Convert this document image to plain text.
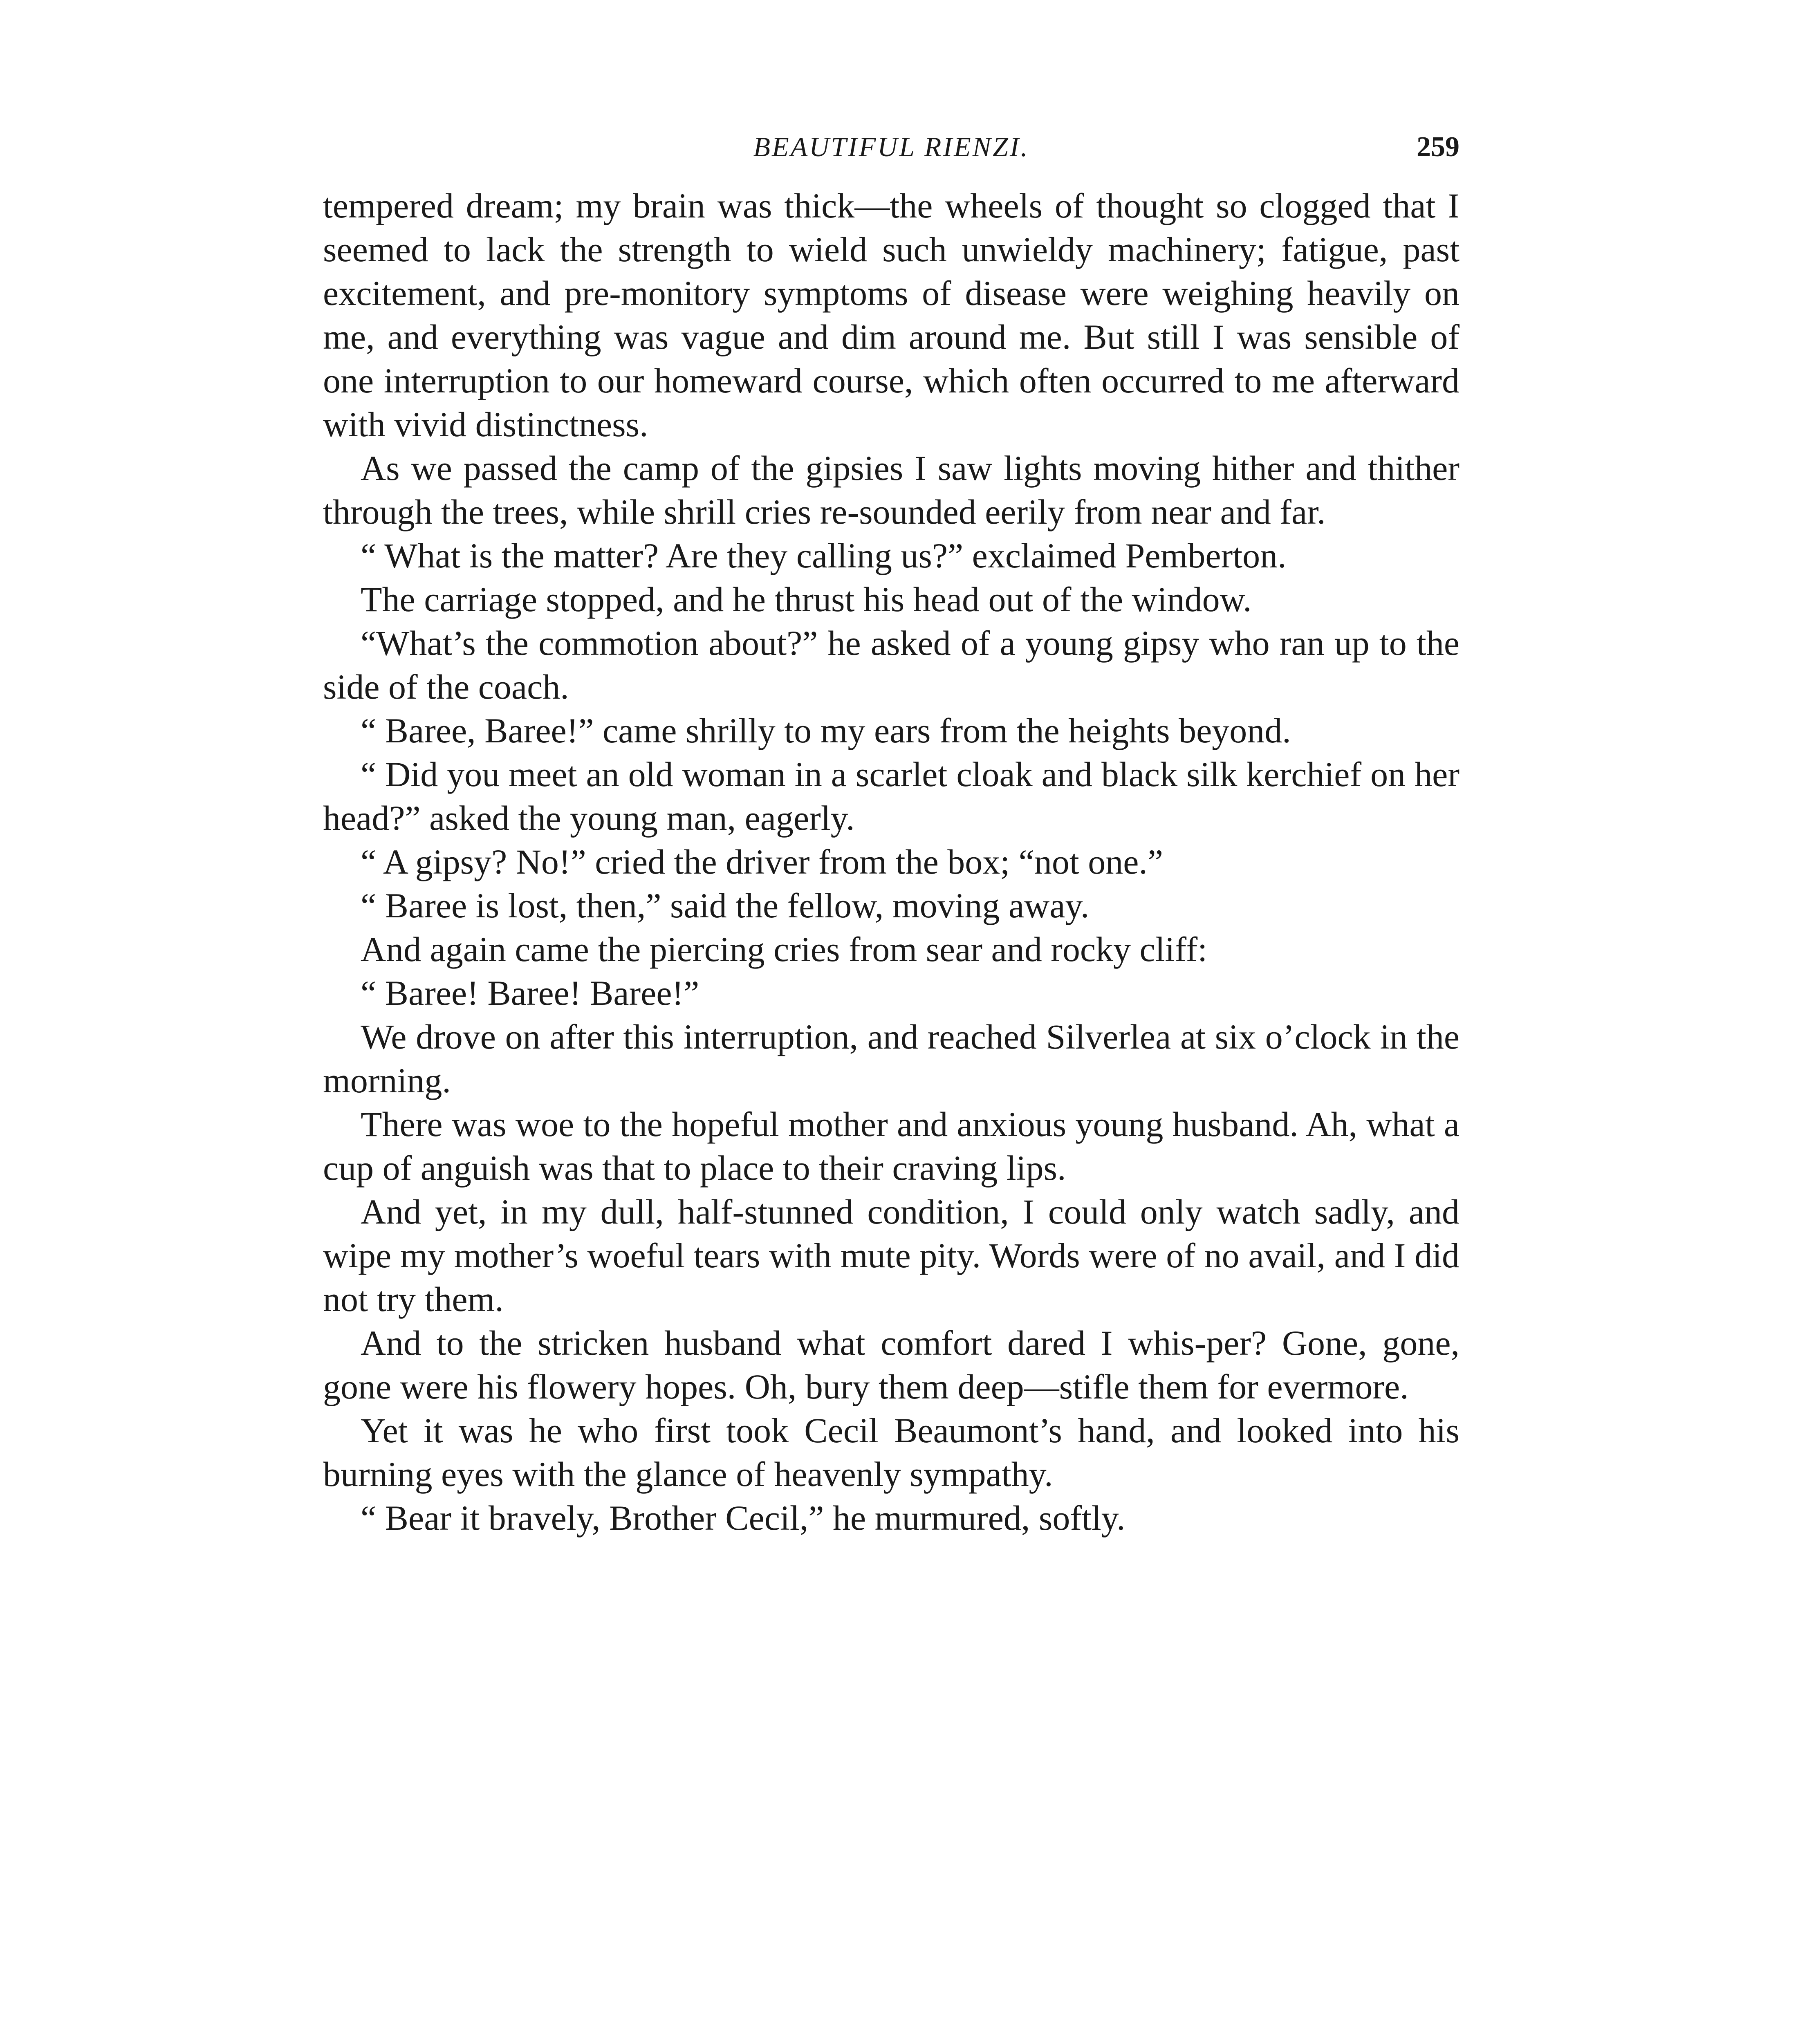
BEAUTIFUL RIENZI.	259

tempered dream; my brain was thick—the wheels of thought so clogged that I seemed to lack the strength to wield such unwieldy machinery; fatigue, past excitement, and pre-monitory symptoms of disease were weighing heavily on me, and everything was vague and dim around me. But still I was sensible of one interruption to our homeward course, which often occurred to me afterward with vivid distinctness.

As we passed the camp of the gipsies I saw lights moving hither and thither through the trees, while shrill cries re-sounded eerily from near and far.

“ What is the matter? Are they calling us?” exclaimed Pemberton.

The carriage stopped, and he thrust his head out of the window.

“What’s the commotion about?” he asked of a young gipsy who ran up to the side of the coach.

“ Baree, Baree!” came shrilly to my ears from the heights beyond.

“ Did you meet an old woman in a scarlet cloak and black silk kerchief on her head?” asked the young man, eagerly.

“ A gipsy? No!” cried the driver from the box; “not one.”

“ Baree is lost, then,” said the fellow, moving away.

And again came the piercing cries from sear and rocky cliff:

“ Baree! Baree! Baree!”

We drove on after this interruption, and reached Silverlea at six o’clock in the morning.

There was woe to the hopeful mother and anxious young husband. Ah, what a cup of anguish was that to place to their craving lips.

And yet, in my dull, half-stunned condition, I could only watch sadly, and wipe my mother’s woeful tears with mute pity. Words were of no avail, and I did not try them.

And to the stricken husband what comfort dared I whis-per? Gone, gone, gone were his flowery hopes. Oh, bury them deep—stifle them for evermore.

Yet it was he who first took Cecil Beaumont’s hand, and looked into his burning eyes with the glance of heavenly sympathy.

“ Bear it bravely, Brother Cecil,” he murmured, softly.
